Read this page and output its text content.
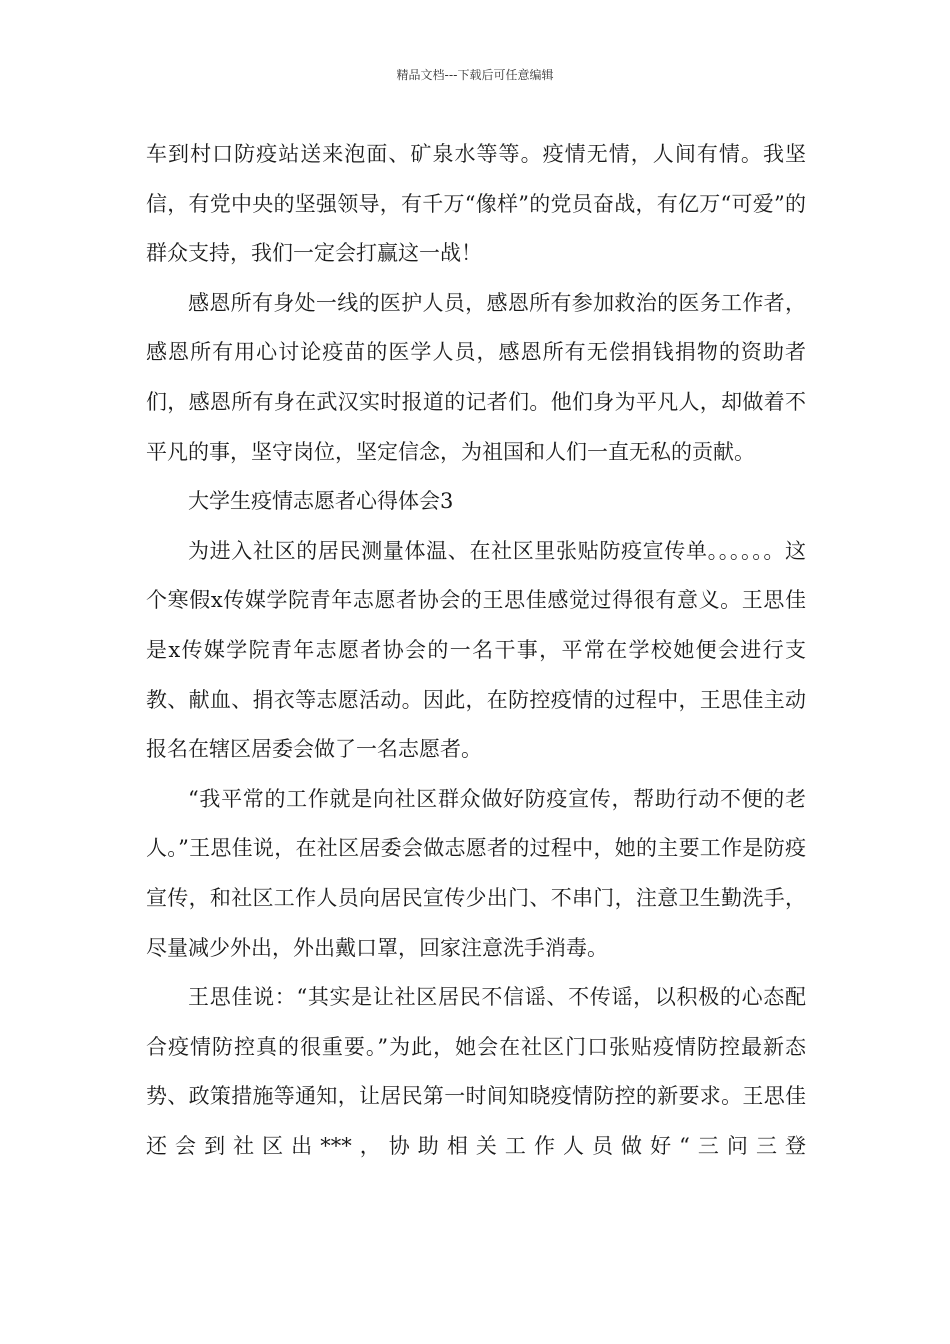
精品文档---下载后可任意编辑

车到村口防疫站送来泡面、矿泉水等等。疫情无情，人间有情。我坚信，有党中央的坚强领导，有千万“像样”的党员奋战，有亿万“可爱”的群众支持，我们一定会打赢这一战！

感恩所有身处一线的医护人员，感恩所有参加救治的医务工作者，感恩所有用心讨论疫苗的医学人员，感恩所有无偿捐钱捐物的资助者们，感恩所有身在武汉实时报道的记者们。他们身为平凡人，却做着不平凡的事，坚守岗位，坚定信念，为祖国和人们一直无私的贡献。

大学生疫情志愿者心得体会3

为进入社区的居民测量体温、在社区里张贴防疫宣传单。。。。。。这个寒假x传媒学院青年志愿者协会的王思佳感觉过得很有意义。王思佳是x传媒学院青年志愿者协会的一名干事，平常在学校她便会进行支教、献血、捐衣等志愿活动。因此，在防控疫情的过程中，王思佳主动报名在辖区居委会做了一名志愿者。

“我平常的工作就是向社区群众做好防疫宣传，帮助行动不便的老人。”王思佳说，在社区居委会做志愿者的过程中，她的主要工作是防疫宣传，和社区工作人员向居民宣传少出门、不串门，注意卫生勤洗手，尽量减少外出，外出戴口罩，回家注意洗手消毒。

王思佳说：“其实是让社区居民不信谣、不传谣，以积极的心态配合疫情防控真的很重要。”为此，她会在社区门口张贴疫情防控最新态势、政策措施等通知，让居民第一时间知晓疫情防控的新要求。王思佳还会到社区出***，协助相关工作人员做好“三问三登
